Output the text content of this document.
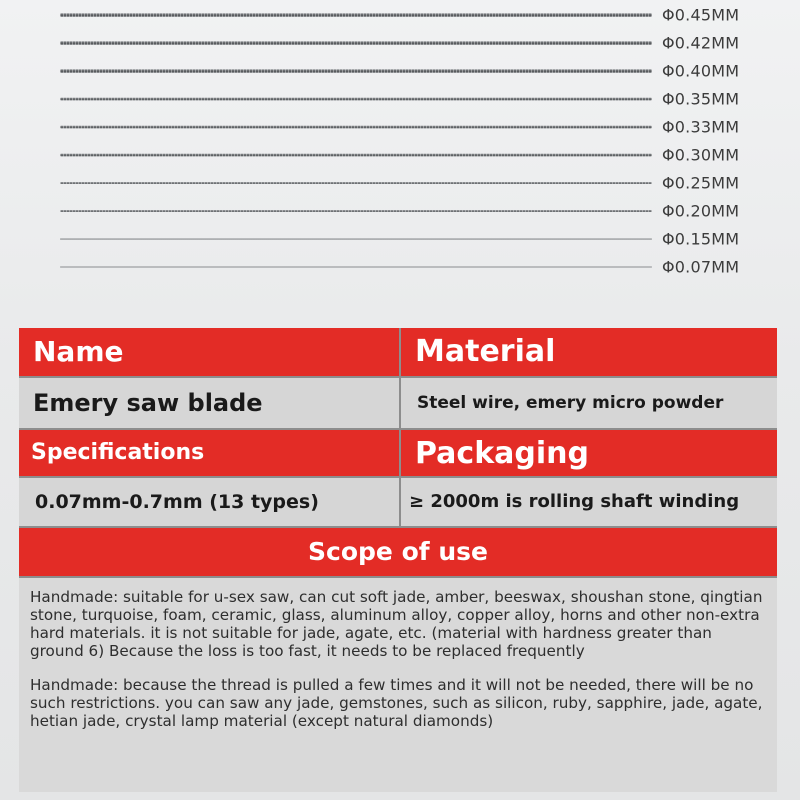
Φ0.45MM
Φ0.42MM
Φ0.40MM
Φ0.35MM
Φ0.33MM
Φ0.30MM
Φ0.25MM
Φ0.20MM
Φ0.15MM
Φ0.07MM
Name	Material
Emery saw blade	Steel wire, emery micro powder
Specifications	Packaging
0.07mm-0.7mm (13 types)	≥ 2000m is rolling shaft winding
Scope of use

Handmade: suitable for u-sex saw, can cut soft jade, amber, beeswax, shoushan stone, qingtian stone, turquoise, foam, ceramic, glass, aluminum alloy, copper alloy, horns and other non-extra hard materials. it is not suitable for jade, agate, etc. (material with hardness greater than ground 6) Because the loss is too fast, it needs to be replaced frequently

Handmade: because the thread is pulled a few times and it will not be needed, there will be no such restrictions. you can saw any jade, gemstones, such as silicon, ruby, sapphire, jade, agate, hetian jade, crystal lamp material (except natural diamonds)
